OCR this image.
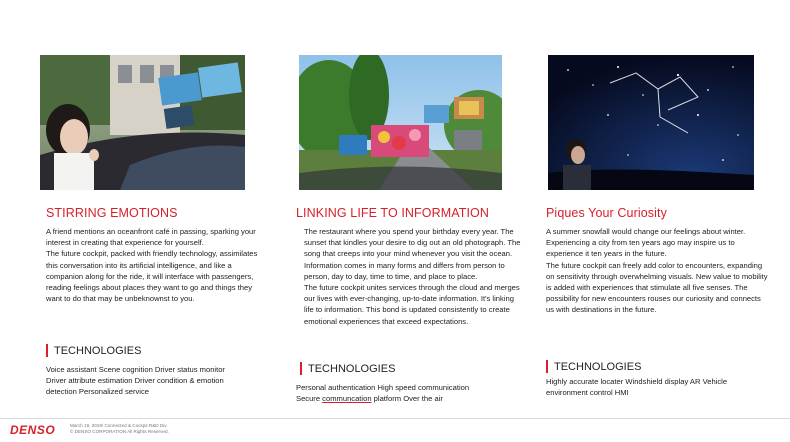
STIRRING EMOTIONS

A friend mentions an oceanfront café in passing, sparking your interest in creating that experience for yourself.

The future cockpit, packed with friendly technology, assimilates this conversation into its artificial intelligence, and like a companion along for the ride, it will interface with passengers, reading feelings about places they want to go and things they want to do that may be unbeknownst to you.

TECHNOLOGIES
Voice assistant Scene cognition Driver status monitor
Driver attribute estimation Driver condition & emotion
detection Personalized service
LINKING LIFE TO INFORMATION

The restaurant where you spend your birthday every year. The sunset that kindles your desire to dig out an old photograph. The song that creeps into your mind whenever you visit the ocean. Information comes in many forms and differs from person to person, day to day, time to time, and place to place.

The future cockpit unites services through the cloud and merges our lives with ever-changing, up-to-date information. It's linking life to information. This bond is updated consistently to create emotional experiences that exceed expectations.

TECHNOLOGIES
Personal authentication High speed communication
Secure communcation platform Over the air
Piques Your Curiosity

A summer snowfall would change our feelings about winter. Experiencing a city from ten years ago may inspire us to experience it ten years in the future.

The future cockpit can freely add color to encounters, expanding on sensitivity through overwhelming visuals. New value to mobility is added with experiences that stimulate all five senses. The possibility for new encounters rouses our curiosity and connects us with destinations in the future.

TECHNOLOGIES
Highly accurate locater Windshield display AR Vehicle
environment control HMI
DENSO	March 19, 2019/ Connected & Cockpit R&D Div.
© DENSO CORPORATION All Rights Reserved.
